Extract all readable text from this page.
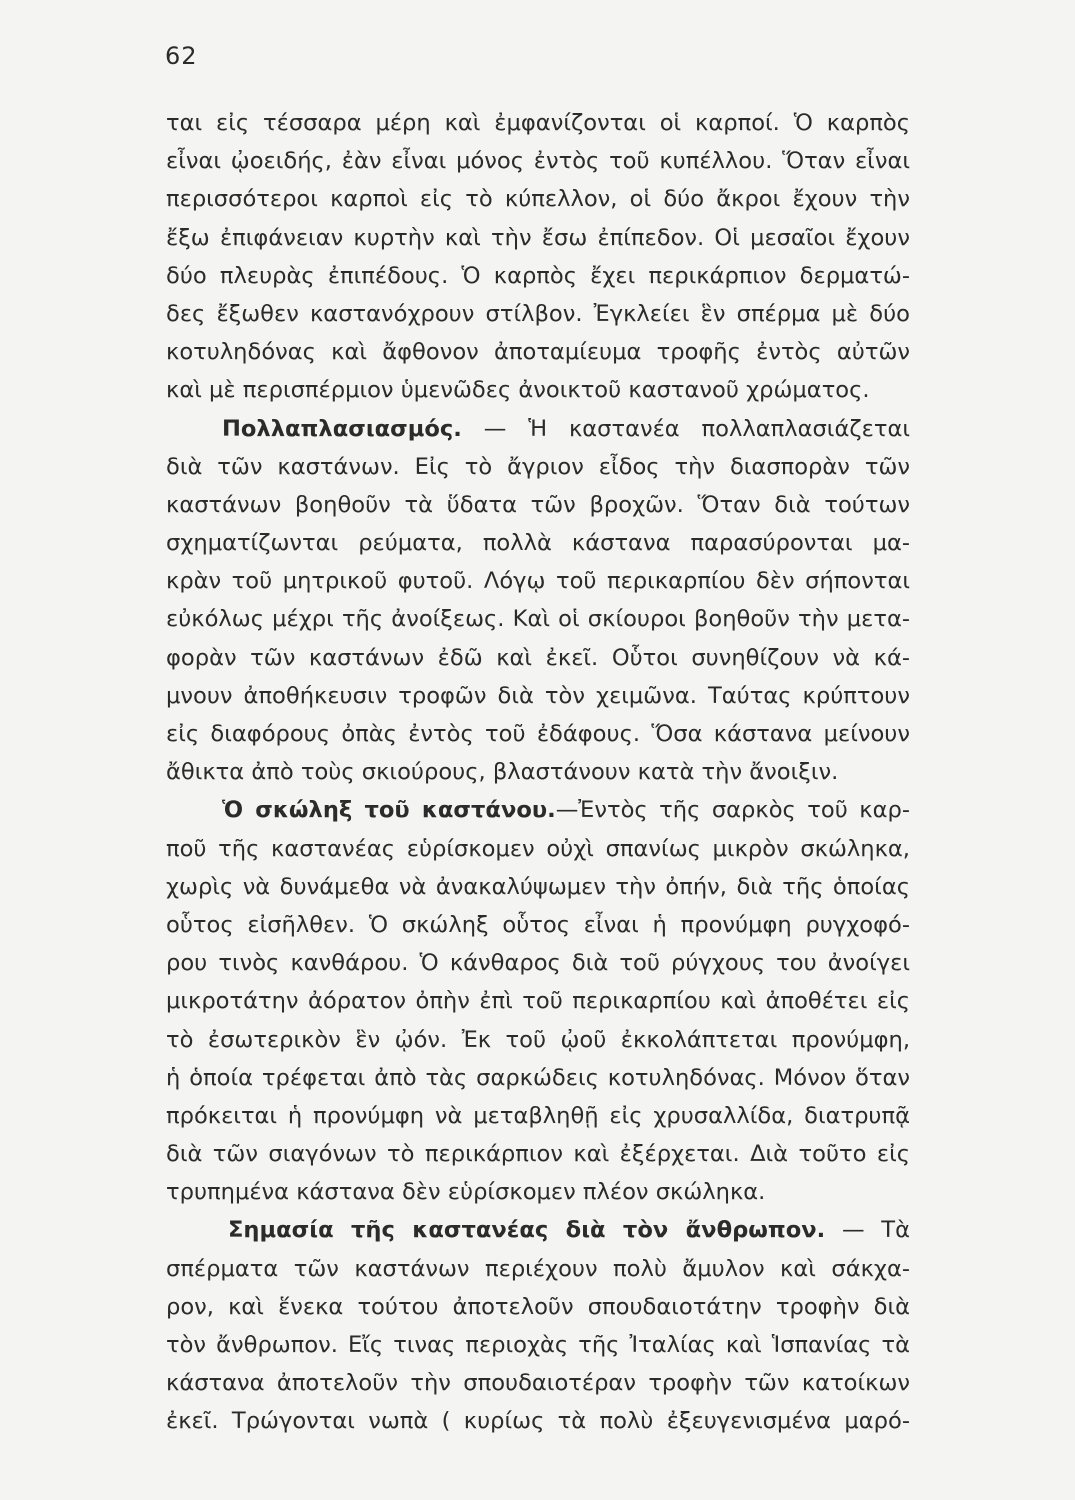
62
ται εἰς τέσσαρα μέρη καὶ ἐμφανίζονται οἱ καρποί. Ὁ καρπὸς
εἶναι ᾠοειδής, ἐὰν εἶναι μόνος ἐντὸς τοῦ κυπέλλου. Ὅταν εἶναι
περισσότεροι καρποὶ εἰς τὸ κύπελλον, οἱ δύο ἄκροι ἔχουν τὴν
ἔξω ἐπιφάνειαν κυρτὴν καὶ τὴν ἔσω ἐπίπεδον. Οἱ μεσαῖοι ἔχουν
δύο πλευρὰς ἐπιπέδους. Ὁ καρπὸς ἔχει περικάρπιον δερματώ-
δες ἔξωθεν καστανόχρουν στίλβον. Ἐγκλείει ἓν σπέρμα μὲ δύο
κοτυληδόνας καὶ ἄφθονον ἀποταμίευμα τροφῆς ἐντὸς αὐτῶν
καὶ μὲ περισπέρμιον ὑμενῶδες ἀνοικτοῦ καστανοῦ χρώματος.
Πολλαπλασιασμός. — Ἡ καστανέα πολλαπλασιάζεται
διὰ τῶν καστάνων. Εἰς τὸ ἄγριον εἶδος τὴν διασπορὰν τῶν
καστάνων βοηθοῦν τὰ ὕδατα τῶν βροχῶν. Ὅταν διὰ τούτων
σχηματίζωνται ρεύματα, πολλὰ κάστανα παρασύρονται μα-
κρὰν τοῦ μητρικοῦ φυτοῦ. Λόγῳ τοῦ περικαρπίου δὲν σήπονται
εὐκόλως μέχρι τῆς ἀνοίξεως. Καὶ οἱ σκίουροι βοηθοῦν τὴν μετα-
φορὰν τῶν καστάνων ἐδῶ καὶ ἐκεῖ. Οὗτοι συνηθίζουν νὰ κά-
μνουν ἀποθήκευσιν τροφῶν διὰ τὸν χειμῶνα. Ταύτας κρύπτουν
εἰς διαφόρους ὀπὰς ἐντὸς τοῦ ἐδάφους. Ὅσα κάστανα μείνουν
ἄθικτα ἀπὸ τοὺς σκιούρους, βλαστάνουν κατὰ τὴν ἄνοιξιν.
Ὁ σκώληξ τοῦ καστάνου.—Ἐντὸς τῆς σαρκὸς τοῦ καρ-
ποῦ τῆς καστανέας εὑρίσκομεν οὐχὶ σπανίως μικρὸν σκώληκα,
χωρὶς νὰ δυνάμεθα νὰ ἀνακαλύψωμεν τὴν ὀπήν, διὰ τῆς ὁποίας
οὗτος εἰσῆλθεν. Ὁ σκώληξ οὗτος εἶναι ἡ προνύμφη ρυγχοφό-
ρου τινὸς κανθάρου. Ὁ κάνθαρος διὰ τοῦ ρύγχους του ἀνοίγει
μικροτάτην ἀόρατον ὀπὴν ἐπὶ τοῦ περικαρπίου καὶ ἀποθέτει εἰς
τὸ ἐσωτερικὸν ἓν ᾠόν. Ἐκ τοῦ ᾠοῦ ἐκκολάπτεται προνύμφη,
ἡ ὁποία τρέφεται ἀπὸ τὰς σαρκώδεις κοτυληδόνας. Μόνον ὅταν
πρόκειται ἡ προνύμφη νὰ μεταβληθῇ εἰς χρυσαλλίδα, διατρυπᾷ
διὰ τῶν σιαγόνων τὸ περικάρπιον καὶ ἐξέρχεται. Διὰ τοῦτο εἰς
τρυπημένα κάστανα δὲν εὑρίσκομεν πλέον σκώληκα.
Σημασία τῆς καστανέας διὰ τὸν ἄνθρωπον. — Τὰ
σπέρματα τῶν καστάνων περιέχουν πολὺ ἄμυλον καὶ σάκχα-
ρον, καὶ ἕνεκα τούτου ἀποτελοῦν σπουδαιοτάτην τροφὴν διὰ
τὸν ἄνθρωπον. Εἴς τινας περιοχὰς τῆς Ἰταλίας καὶ Ἱσπανίας τὰ
κάστανα ἀποτελοῦν τὴν σπουδαιοτέραν τροφὴν τῶν κατοίκων
ἐκεῖ. Τρώγονται νωπὰ ( κυρίως τὰ πολὺ ἐξευγενισμένα μαρό-
